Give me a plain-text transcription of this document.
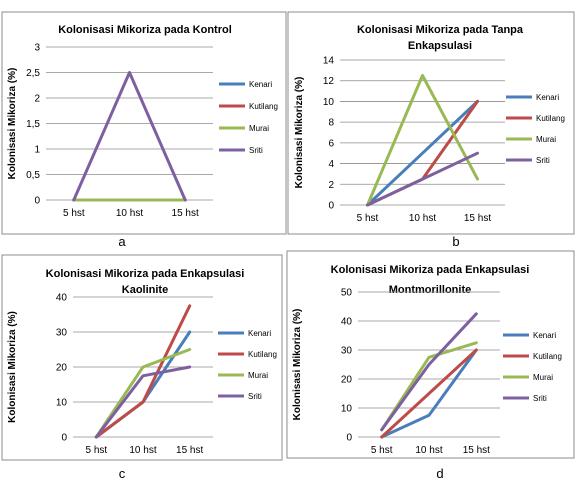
Kolonisasi Mikoriza pada Kontrol
0
0,5
1
1,5
2
2,5
3
5 hst	10 hst	15 hst
Kolonisasi Mikoriza (%)	Kenari
Kutilang
Murai
Sriti
a
Kolonisasi Mikoriza pada Tanpa
Enkapsulasi
0
2
4
6
8
10
12
14
5 hst	10 hst	15 hst
Kolonisasi Mikoriza (%)	Kenari
Kutilang
Murai
Sriti
b
Kolonisasi Mikoriza pada Enkapsulasi
Kaolinite
0
10
20
30
40
5 hst 10 hst 15 hst
Kolonisasi Mikoriza (%)	Kenari
Kutilang
Murai
Sriti
c
Kolonisasi Mikoriza pada Enkapsulasi
Montmorillonite
0
10
20
30
40
50
5 hst 10 hst 15 hst
Kolonisasi Mikoriza (%)	Kenari
Kutilang
Murai
Sriti
d
